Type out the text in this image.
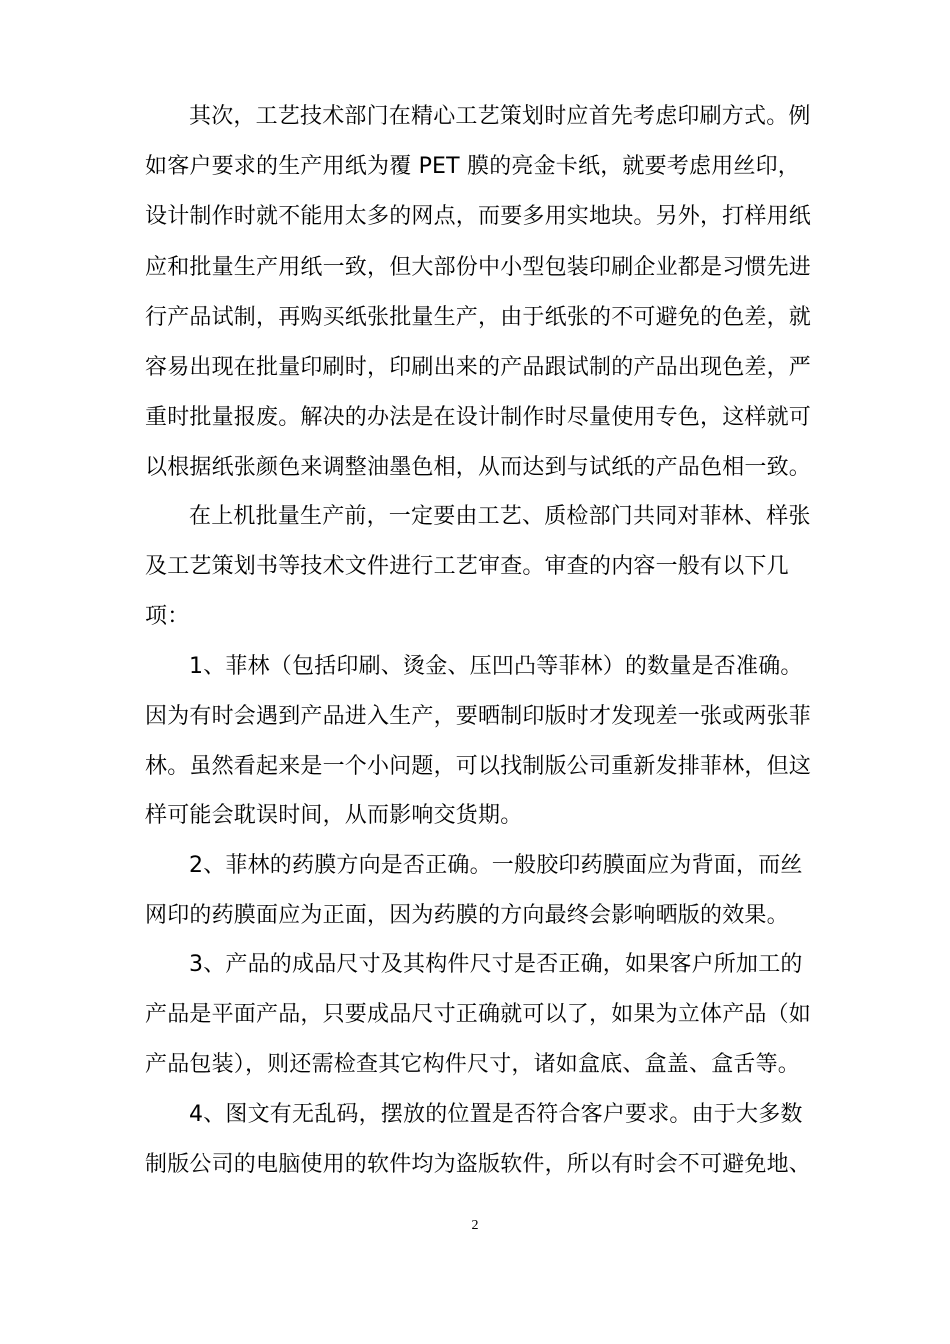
其次，工艺技术部门在精心工艺策划时应首先考虑印刷方式。例
如客户要求的生产用纸为覆 PET 膜的亮金卡纸，就要考虑用丝印，
设计制作时就不能用太多的网点，而要多用实地块。另外，打样用纸
应和批量生产用纸一致，但大部份中小型包装印刷企业都是习惯先进
行产品试制，再购买纸张批量生产，由于纸张的不可避免的色差，就
容易出现在批量印刷时，印刷出来的产品跟试制的产品出现色差，严
重时批量报废。解决的办法是在设计制作时尽量使用专色，这样就可
以根据纸张颜色来调整油墨色相，从而达到与试纸的产品色相一致。
在上机批量生产前，一定要由工艺、质检部门共同对菲林、样张
及工艺策划书等技术文件进行工艺审查。审查的内容一般有以下几
项：
1、菲林（包括印刷、烫金、压凹凸等菲林）的数量是否准确。
因为有时会遇到产品进入生产，要晒制印版时才发现差一张或两张菲
林。虽然看起来是一个小问题，可以找制版公司重新发排菲林，但这
样可能会耽误时间，从而影响交货期。
2、菲林的药膜方向是否正确。一般胶印药膜面应为背面，而丝
网印的药膜面应为正面，因为药膜的方向最终会影响晒版的效果。
3、产品的成品尺寸及其构件尺寸是否正确，如果客户所加工的
产品是平面产品，只要成品尺寸正确就可以了，如果为立体产品（如
产品包装），则还需检查其它构件尺寸，诸如盒底、盒盖、盒舌等。
4、图文有无乱码，摆放的位置是否符合客户要求。由于大多数
制版公司的电脑使用的软件均为盗版软件，所以有时会不可避免地、
2
